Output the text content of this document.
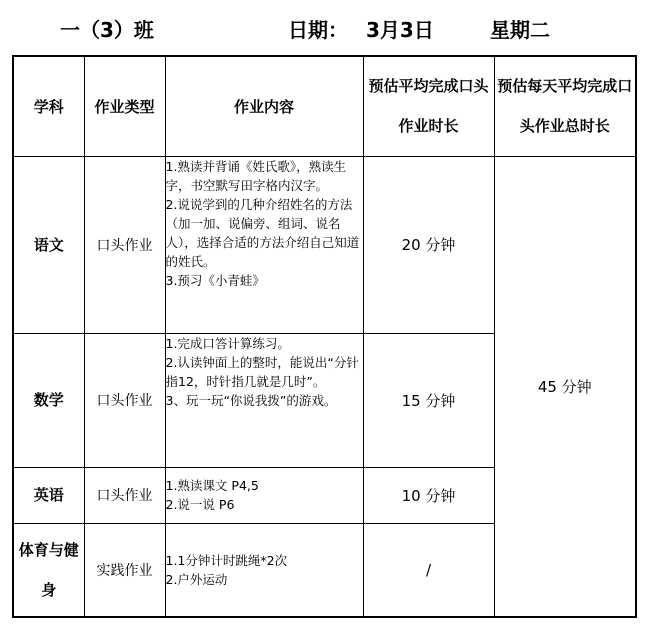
一（3）班	日期： 3月3日	星期二
学科	作业类型	作业内容	预估平均完成口头作业时长	预估每天平均完成口头作业总时长
语文	口头作业	1.熟读并背诵《姓氏歌》，熟读生字，书空默写田字格内汉字。
2.说说学到的几种介绍姓名的方法（加一加、说偏旁、组词、说名人），选择合适的方法介绍自己知道的姓氏。
3.预习《小青蛙》	20 分钟	45 分钟
数学	口头作业	1.完成口答计算练习。
2.认读钟面上的整时，能说出“分针指12，时针指几就是几时”。
3、玩一玩“你说我拨”的游戏。	15 分钟	
英语	口头作业	1.熟读课文 P4,5
2.说一说 P6	10 分钟	
体育与健身	实践作业	1.1分钟计时跳绳*2次
2.户外运动	/	
